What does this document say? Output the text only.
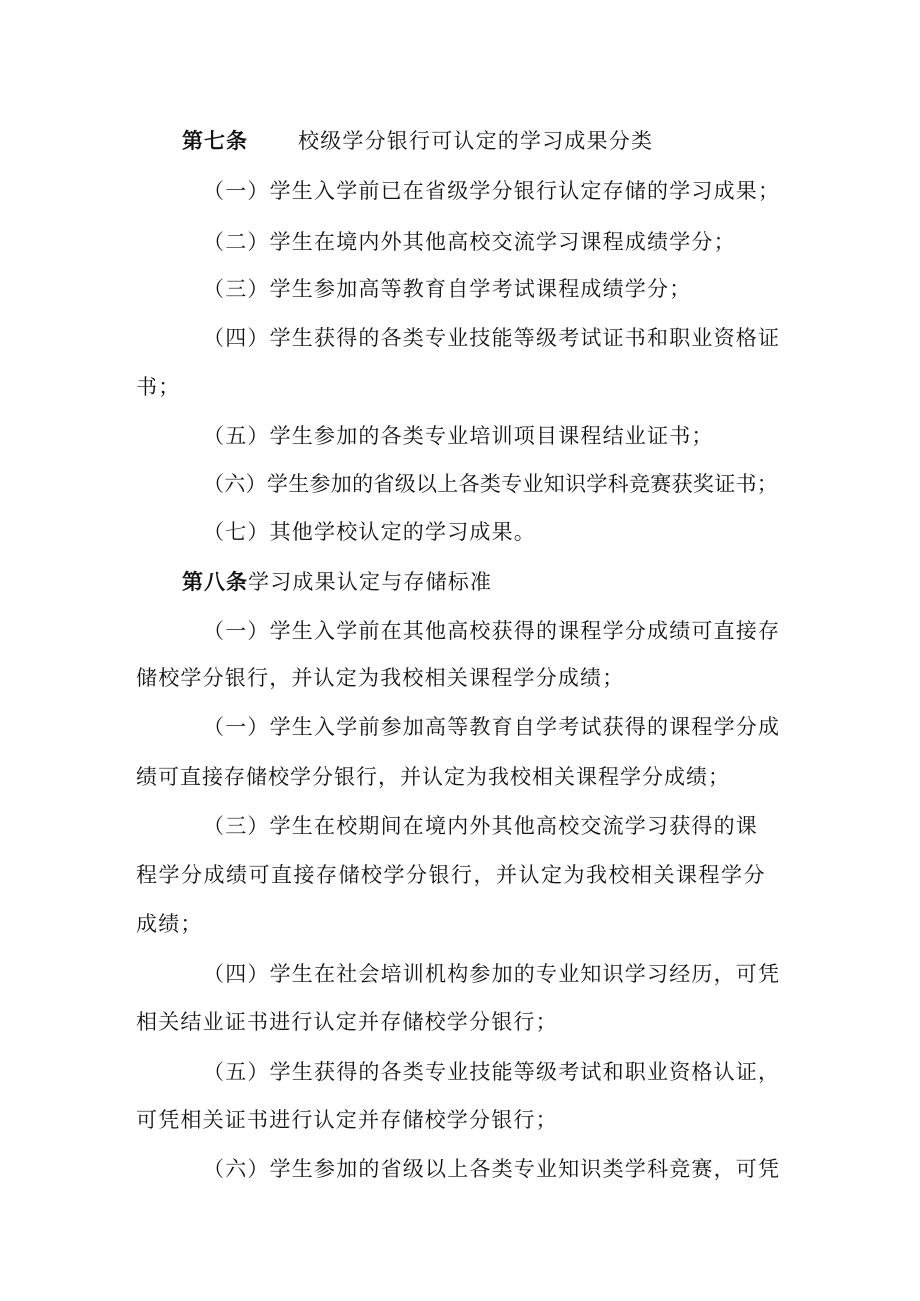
第七条 校级学分银行可认定的学习成果分类
（一）学生入学前已在省级学分银行认定存储的学习成果；
（二）学生在境内外其他高校交流学习课程成绩学分；
（三）学生参加高等教育自学考试课程成绩学分；
（四）学生获得的各类专业技能等级考试证书和职业资格证
书；
（五）学生参加的各类专业培训项目课程结业证书；
（六）学生参加的省级以上各类专业知识学科竞赛获奖证书；
（七）其他学校认定的学习成果。
第八条学习成果认定与存储标准
（一）学生入学前在其他高校获得的课程学分成绩可直接存
储校学分银行，并认定为我校相关课程学分成绩；
（一）学生入学前参加高等教育自学考试获得的课程学分成
绩可直接存储校学分银行，并认定为我校相关课程学分成绩；
（三）学生在校期间在境内外其他高校交流学习获得的课
程学分成绩可直接存储校学分银行，并认定为我校相关课程学分
成绩；
（四）学生在社会培训机构参加的专业知识学习经历，可凭
相关结业证书进行认定并存储校学分银行；
（五）学生获得的各类专业技能等级考试和职业资格认证，
可凭相关证书进行认定并存储校学分银行；
（六）学生参加的省级以上各类专业知识类学科竞赛，可凭
